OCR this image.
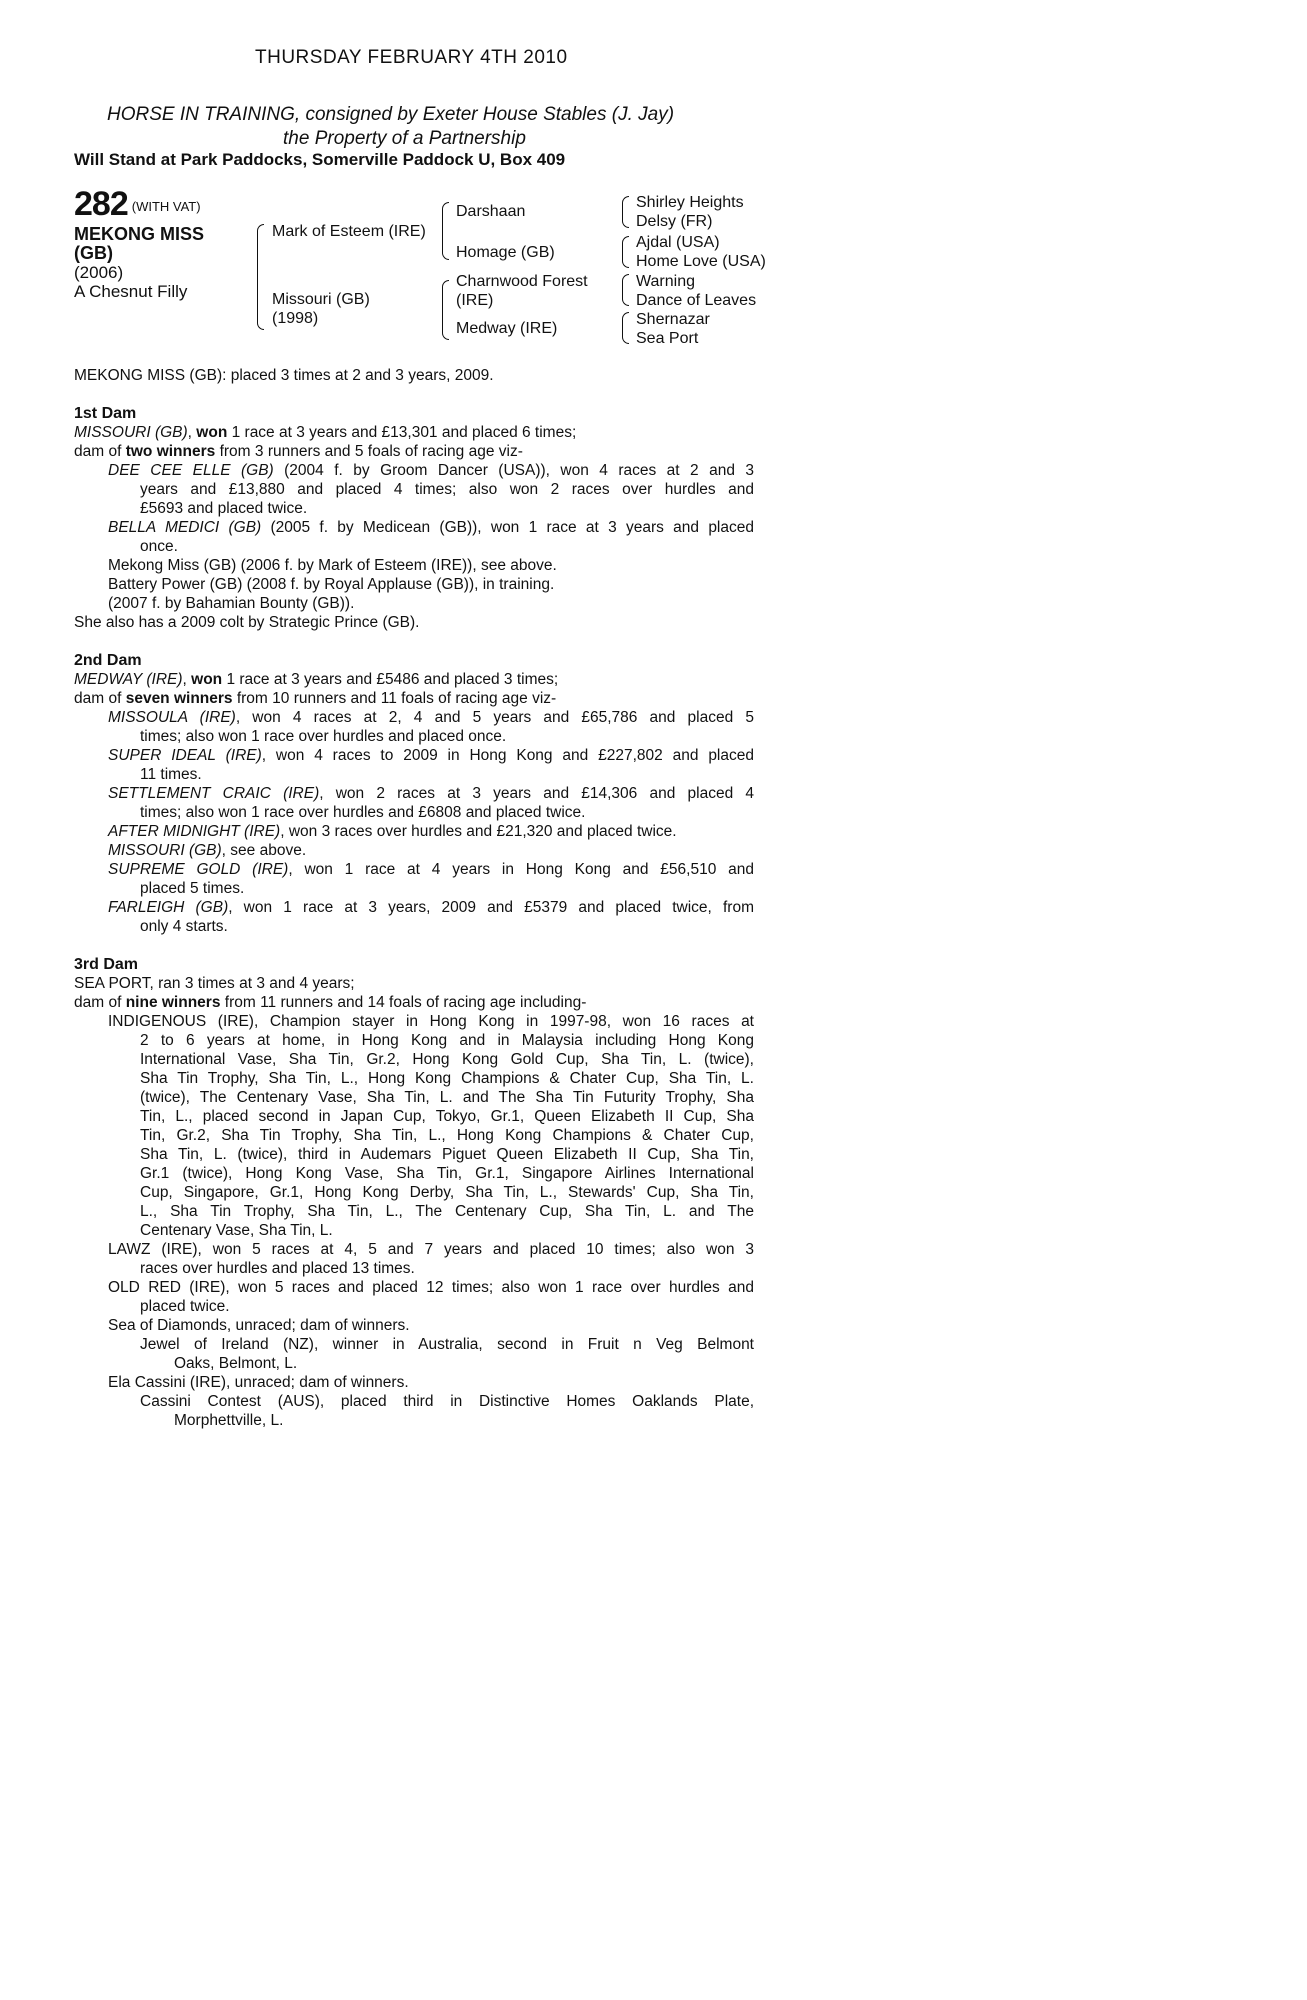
THURSDAY FEBRUARY 4TH 2010
HORSE IN TRAINING, consigned by Exeter House Stables (J. Jay)
the Property of a Partnership
Will Stand at Park Paddocks, Somerville Paddock U, Box 409
282 $^{(WITH VAT)}$
MEKONG MISS
(GB)
(2006)
A Chesnut Filly
Mark of Esteem (IRE)
Missouri (GB)
(1998)
Darshaan
Homage (GB)
Charnwood Forest
(IRE)
Medway (IRE)
Shirley Heights
Delsy (FR)
Ajdal (USA)
Home Love (USA)
Warning
Dance of Leaves
Shernazar
Sea Port
MEKONG MISS (GB): placed 3 times at 2 and 3 years, 2009.
1st Dam
MISSOURI (GB), won 1 race at 3 years and £13,301 and placed 6 times;
dam of two winners from 3 runners and 5 foals of racing age viz-
DEE CEE ELLE (GB) (2004 f. by Groom Dancer (USA)), won 4 races at 2 and 3
years and £13,880 and placed 4 times; also won 2 races over hurdles and
£5693 and placed twice.
BELLA MEDICI (GB) (2005 f. by Medicean (GB)), won 1 race at 3 years and placed
once.
Mekong Miss (GB) (2006 f. by Mark of Esteem (IRE)), see above.
Battery Power (GB) (2008 f. by Royal Applause (GB)), in training.
(2007 f. by Bahamian Bounty (GB)).
She also has a 2009 colt by Strategic Prince (GB).
2nd Dam
MEDWAY (IRE), won 1 race at 3 years and £5486 and placed 3 times;
dam of seven winners from 10 runners and 11 foals of racing age viz-
MISSOULA (IRE), won 4 races at 2, 4 and 5 years and £65,786 and placed 5
times; also won 1 race over hurdles and placed once.
SUPER IDEAL (IRE), won 4 races to 2009 in Hong Kong and £227,802 and placed
11 times.
SETTLEMENT CRAIC (IRE), won 2 races at 3 years and £14,306 and placed 4
times; also won 1 race over hurdles and £6808 and placed twice.
AFTER MIDNIGHT (IRE), won 3 races over hurdles and £21,320 and placed twice.
MISSOURI (GB), see above.
SUPREME GOLD (IRE), won 1 race at 4 years in Hong Kong and £56,510 and
placed 5 times.
FARLEIGH (GB), won 1 race at 3 years, 2009 and £5379 and placed twice, from
only 4 starts.
3rd Dam
SEA PORT, ran 3 times at 3 and 4 years;
dam of nine winners from 11 runners and 14 foals of racing age including-
INDIGENOUS (IRE), Champion stayer in Hong Kong in 1997-98, won 16 races at
2 to 6 years at home, in Hong Kong and in Malaysia including Hong Kong
International Vase, Sha Tin, Gr.2, Hong Kong Gold Cup, Sha Tin, L. (twice),
Sha Tin Trophy, Sha Tin, L., Hong Kong Champions & Chater Cup, Sha Tin, L.
(twice), The Centenary Vase, Sha Tin, L. and The Sha Tin Futurity Trophy, Sha
Tin, L., placed second in Japan Cup, Tokyo, Gr.1, Queen Elizabeth II Cup, Sha
Tin, Gr.2, Sha Tin Trophy, Sha Tin, L., Hong Kong Champions & Chater Cup,
Sha Tin, L. (twice), third in Audemars Piguet Queen Elizabeth II Cup, Sha Tin,
Gr.1 (twice), Hong Kong Vase, Sha Tin, Gr.1, Singapore Airlines International
Cup, Singapore, Gr.1, Hong Kong Derby, Sha Tin, L., Stewards' Cup, Sha Tin,
L., Sha Tin Trophy, Sha Tin, L., The Centenary Cup, Sha Tin, L. and The
Centenary Vase, Sha Tin, L.
LAWZ (IRE), won 5 races at 4, 5 and 7 years and placed 10 times; also won 3
races over hurdles and placed 13 times.
OLD RED (IRE), won 5 races and placed 12 times; also won 1 race over hurdles and
placed twice.
Sea of Diamonds, unraced; dam of winners.
Jewel of Ireland (NZ), winner in Australia, second in Fruit n Veg Belmont
Oaks, Belmont, L.
Ela Cassini (IRE), unraced; dam of winners.
Cassini Contest (AUS), placed third in Distinctive Homes Oaklands Plate,
Morphettville, L.
